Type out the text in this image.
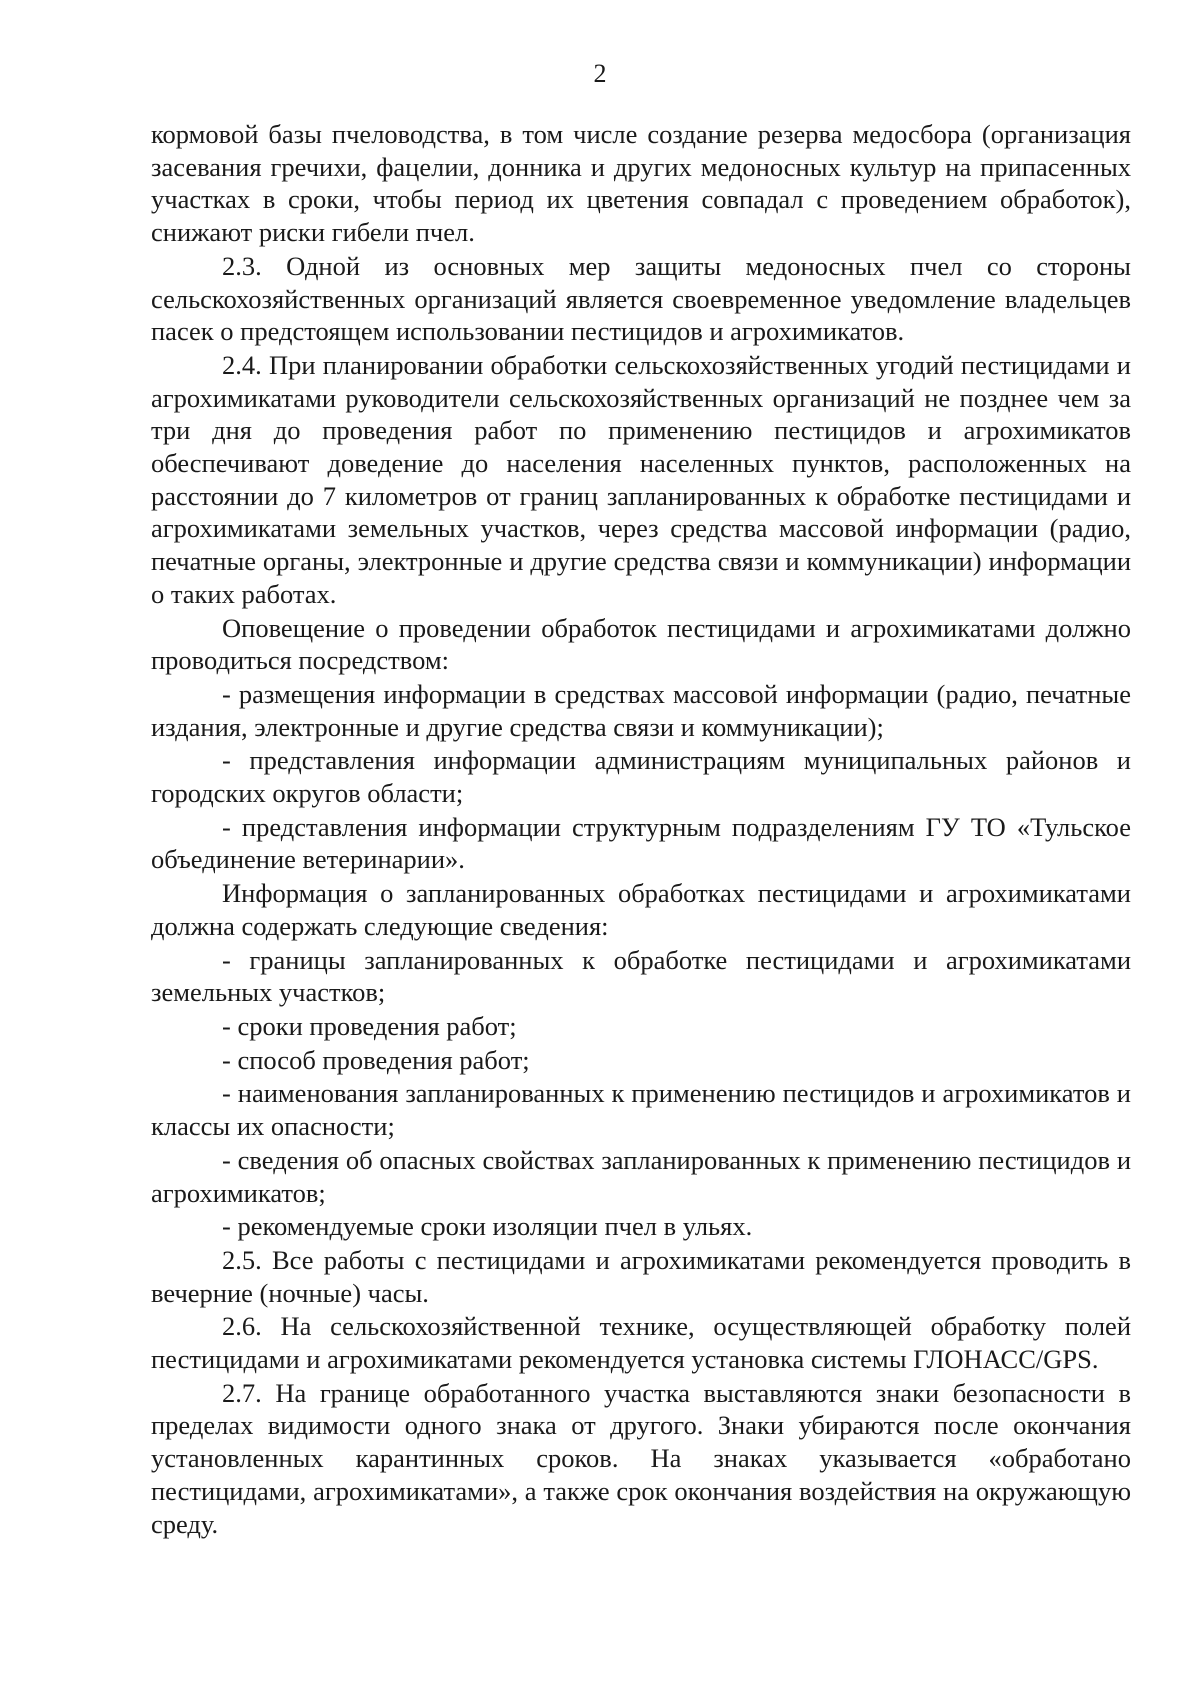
2

кормовой базы пчеловодства, в том числе создание резерва медосбора (организация засевания гречихи, фацелии, донника и других медоносных культур на припасенных участках в сроки, чтобы период их цветения совпадал с проведением обработок), снижают риски гибели пчел.

2.3. Одной из основных мер защиты медоносных пчел со стороны сельскохозяйственных организаций является своевременное уведомление владельцев пасек о предстоящем использовании пестицидов и агрохимикатов.

2.4. При планировании обработки сельскохозяйственных угодий пестицидами и агрохимикатами руководители сельскохозяйственных организаций не позднее чем за три дня до проведения работ по применению пестицидов и агрохимикатов обеспечивают доведение до населения населенных пунктов, расположенных на расстоянии до 7 километров от границ запланированных к обработке пестицидами и агрохимикатами земельных участков, через средства массовой информации (радио, печатные органы, электронные и другие средства связи и коммуникации) информации о таких работах.

Оповещение о проведении обработок пестицидами и агрохимикатами должно проводиться посредством:

- размещения информации в средствах массовой информации (радио, печатные издания, электронные и другие средства связи и коммуникации);

- представления информации администрациям муниципальных районов и городских округов области;

- представления информации структурным подразделениям ГУ ТО «Тульское объединение ветеринарии».

Информация о запланированных обработках пестицидами и агрохимикатами должна содержать следующие сведения:

- границы запланированных к обработке пестицидами и агрохимикатами земельных участков;

- сроки проведения работ;

- способ проведения работ;

- наименования запланированных к применению пестицидов и агрохимикатов и классы их опасности;

- сведения об опасных свойствах запланированных к применению пестицидов и агрохимикатов;

- рекомендуемые сроки изоляции пчел в ульях.

2.5. Все работы с пестицидами и агрохимикатами рекомендуется проводить в вечерние (ночные) часы.

2.6. На сельскохозяйственной технике, осуществляющей обработку полей пестицидами и агрохимикатами рекомендуется установка системы ГЛОНАСС/GPS.

2.7. На границе обработанного участка выставляются знаки безопасности в пределах видимости одного знака от другого. Знаки убираются после окончания установленных карантинных сроков. На знаках указывается «обработано пестицидами, агрохимикатами», а также срок окончания воздействия на окружающую среду.
